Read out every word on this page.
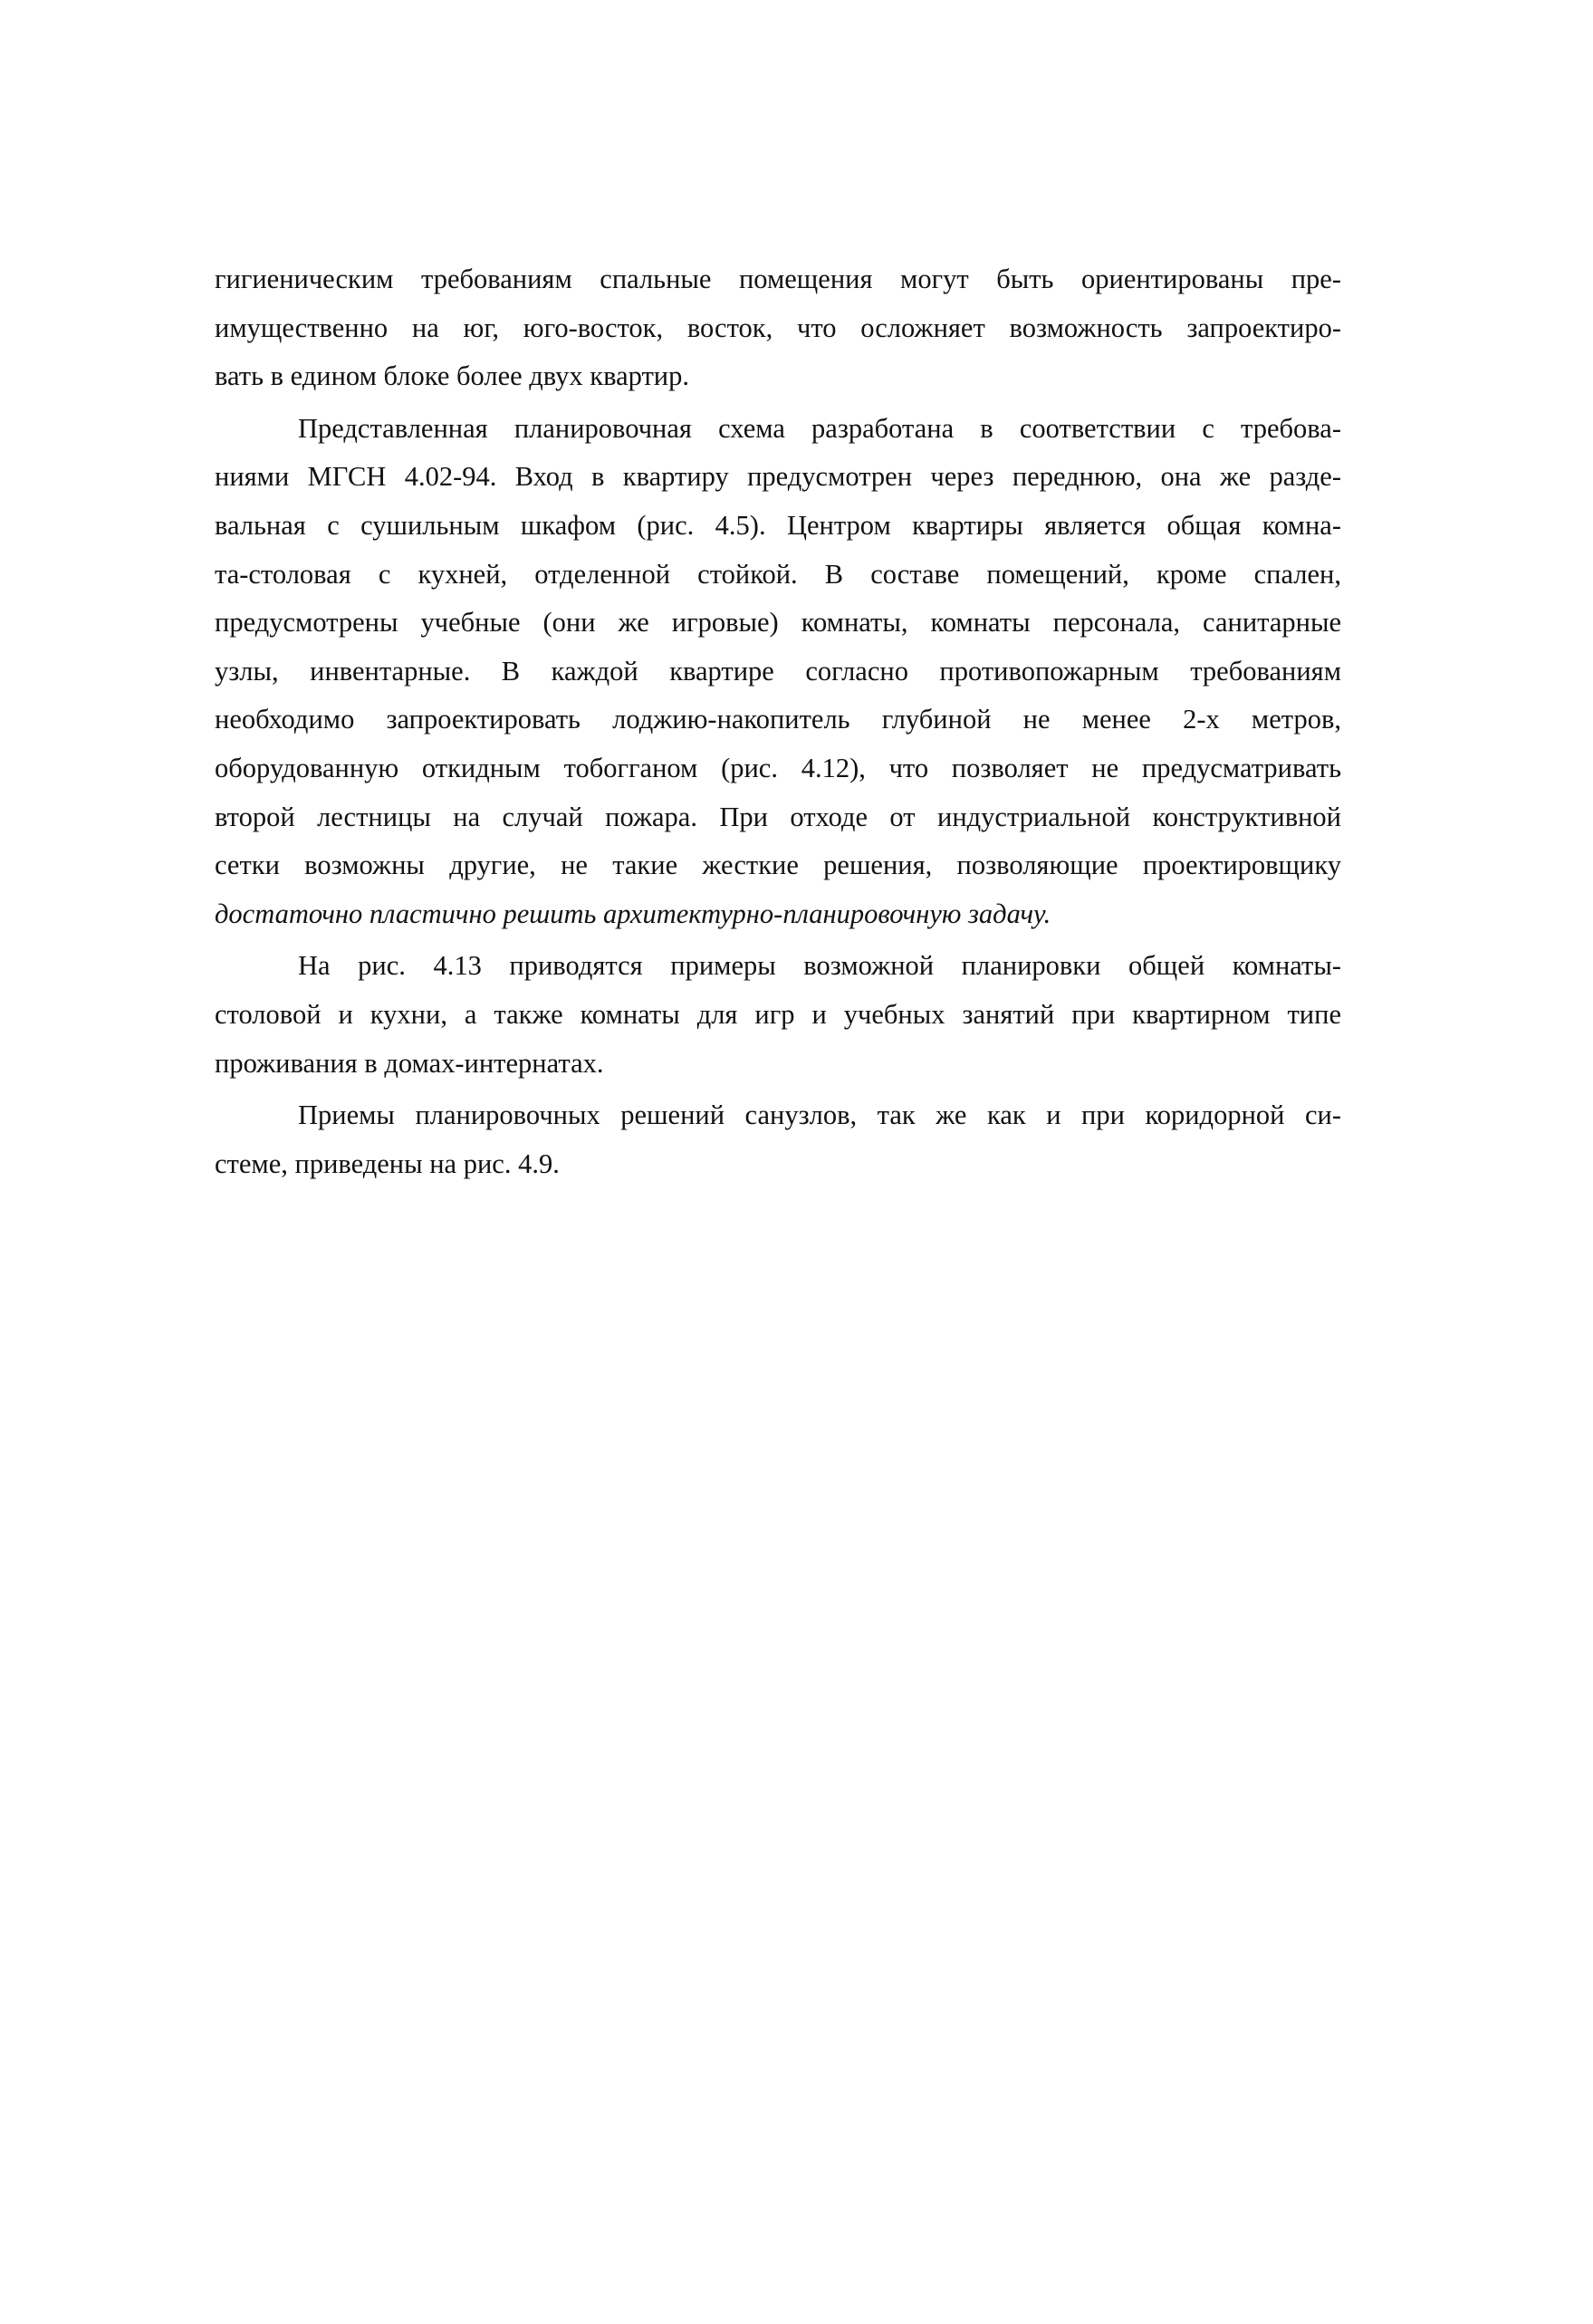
гигиеническим требованиям спальные помещения могут быть ориентированы пре-
имущественно на юг, юго-восток, восток, что осложняет возможность запроектиро-
вать в едином блоке более двух квартир.

Представленная планировочная схема разработана в соответствии с требова-
ниями МГСН 4.02-94. Вход в квартиру предусмотрен через переднюю, она же разде-
вальная с сушильным шкафом (рис. 4.5). Центром квартиры является общая комна-
та-столовая с кухней, отделенной стойкой. В составе помещений, кроме спален,
предусмотрены учебные (они же игровые) комнаты, комнаты персонала, санитарные
узлы, инвентарные. В каждой квартире согласно противопожарным требованиям
необходимо запроектировать лоджию-накопитель глубиной не менее 2-х метров,
оборудованную откидным тобогганом (рис. 4.12), что позволяет не предусматривать
второй лестницы на случай пожара. При отходе от индустриальной конструктивной
сетки возможны другие, не такие жесткие решения, позволяющие проектировщику
достаточно пластично решить архитектурно-планировочную задачу.

На рис. 4.13 приводятся примеры возможной планировки общей комнаты-
столовой и кухни, а также комнаты для игр и учебных занятий при квартирном типе
проживания в домах-интернатах.

Приемы планировочных решений санузлов, так же как и при коридорной си-
стеме, приведены на рис. 4.9.
